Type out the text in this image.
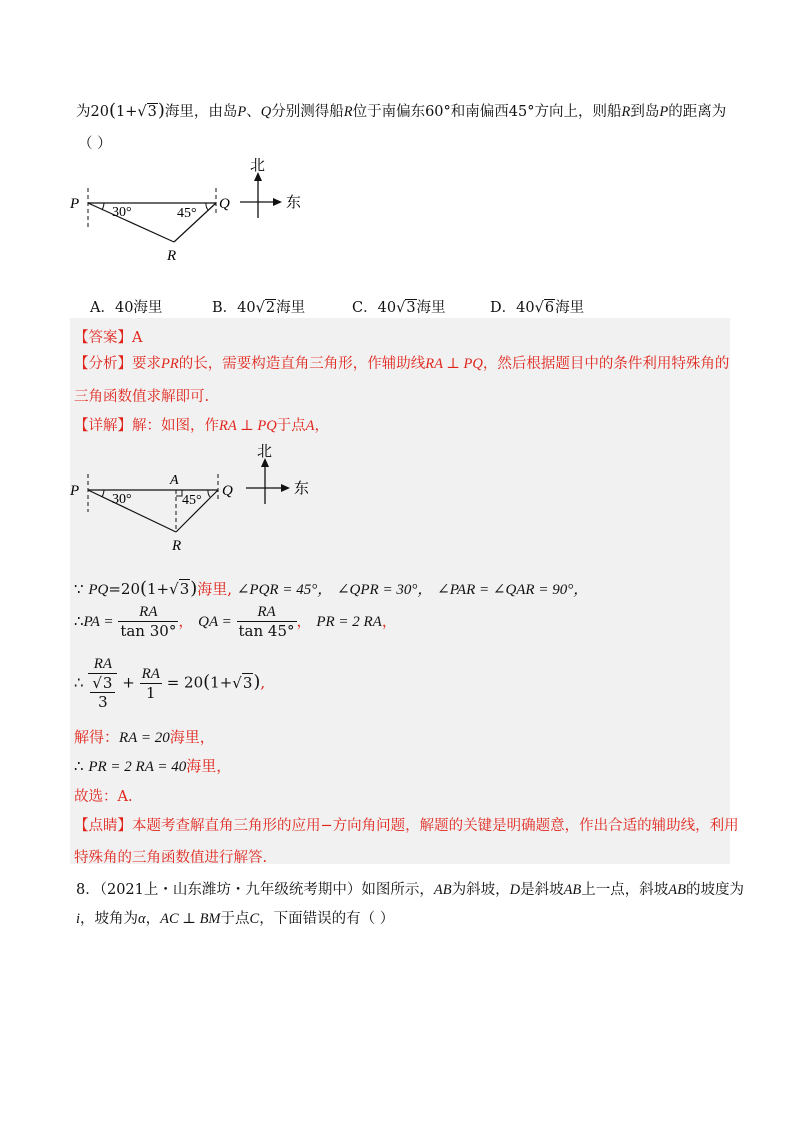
为20(1+√3)海里，由岛P、Q分别测得船R位于南偏东60°和南偏西45°方向上，则船R到岛P的距离为
（ ）
P	Q
R
30°	45°
北
东
A．40海里	B．40√2海里	C．40√3海里	D．40√6海里
【答案】A
【分析】要求PR的长，需要构造直角三角形，作辅助线RA ⊥ PQ，然后根据题目中的条件利用特殊角的
三角函数值求解即可.
【详解】解：如图，作RA ⊥ PQ于点A，
P	Q
A
R
30°	45°
北
东
∵ PQ=20(1+√3)海里, ∠PQR = 45°， ∠QPR = 30°， ∠PAR = ∠QAR = 90°，
∴PA = $\frac{RA}{\tan 30^\circ}$ ， QA = $\frac{RA}{\tan 45^\circ}$ ， PR = 2 RA，
∴ $\frac{RA}{\frac{√3}{3}} + \frac{RA}{1} = 20(1+√3)$,
解得：RA = 20海里，
∴ PR = 2 RA = 40海里，
故选：A.
【点睛】本题考查解直角三角形的应用−方向角问题，解题的关键是明确题意，作出合适的辅助线，利用
特殊角的三角函数值进行解答.
8．（2021上・山东潍坊・九年级统考期中）如图所示，AB为斜坡，D是斜坡AB上一点，斜坡AB的坡度为
i，坡角为α，AC ⊥ BM于点C，下面错误的有（ ）
